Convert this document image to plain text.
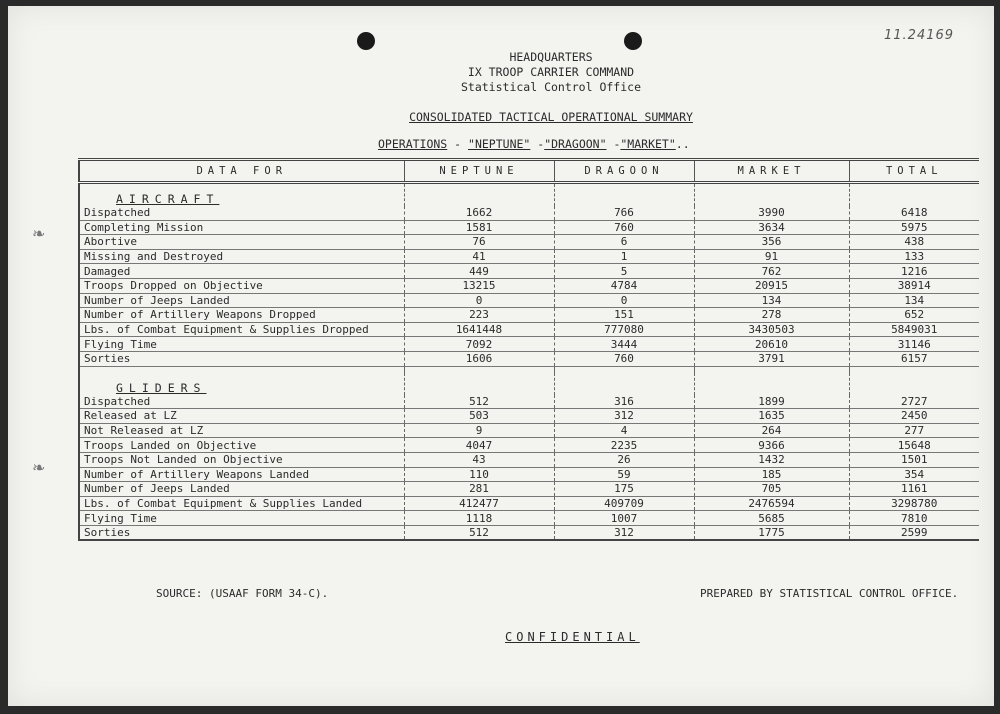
11.24169
HEADQUARTERS
IX TROOP CARRIER COMMAND
Statistical Control Office
CONSOLIDATED TACTICAL OPERATIONAL SUMMARY
OPERATIONS - "NEPTUNE" -"DRAGOON" -"MARKET"..
❧
❧
DATA FOR	NEPTUNE	DRAGOON	MARKET	TOTAL
AIRCRAFT				
Dispatched	1662	766	3990	6418
Completing Mission	1581	760	3634	5975
Abortive	76	6	356	438
Missing and Destroyed	41	1	91	133
Damaged	449	5	762	1216
Troops Dropped on Objective	13215	4784	20915	38914
Number of Jeeps Landed	0	0	134	134
Number of Artillery Weapons Dropped	223	151	278	652
Lbs. of Combat Equipment & Supplies Dropped	1641448	777080	3430503	5849031
Flying Time	7092	3444	20610	31146
Sorties	1606	760	3791	6157

GLIDERS				
Dispatched	512	316	1899	2727
Released at LZ	503	312	1635	2450
Not Released at LZ	9	4	264	277
Troops Landed on Objective	4047	2235	9366	15648
Troops Not Landed on Objective	43	26	1432	1501
Number of Artillery Weapons Landed	110	59	185	354
Number of Jeeps Landed	281	175	705	1161
Lbs. of Combat Equipment & Supplies Landed	412477	409709	2476594	3298780
Flying Time	1118	1007	5685	7810
Sorties	512	312	1775	2599
SOURCE: (USAAF FORM 34-C).	PREPARED BY STATISTICAL CONTROL OFFICE.
CONFIDENTIAL
